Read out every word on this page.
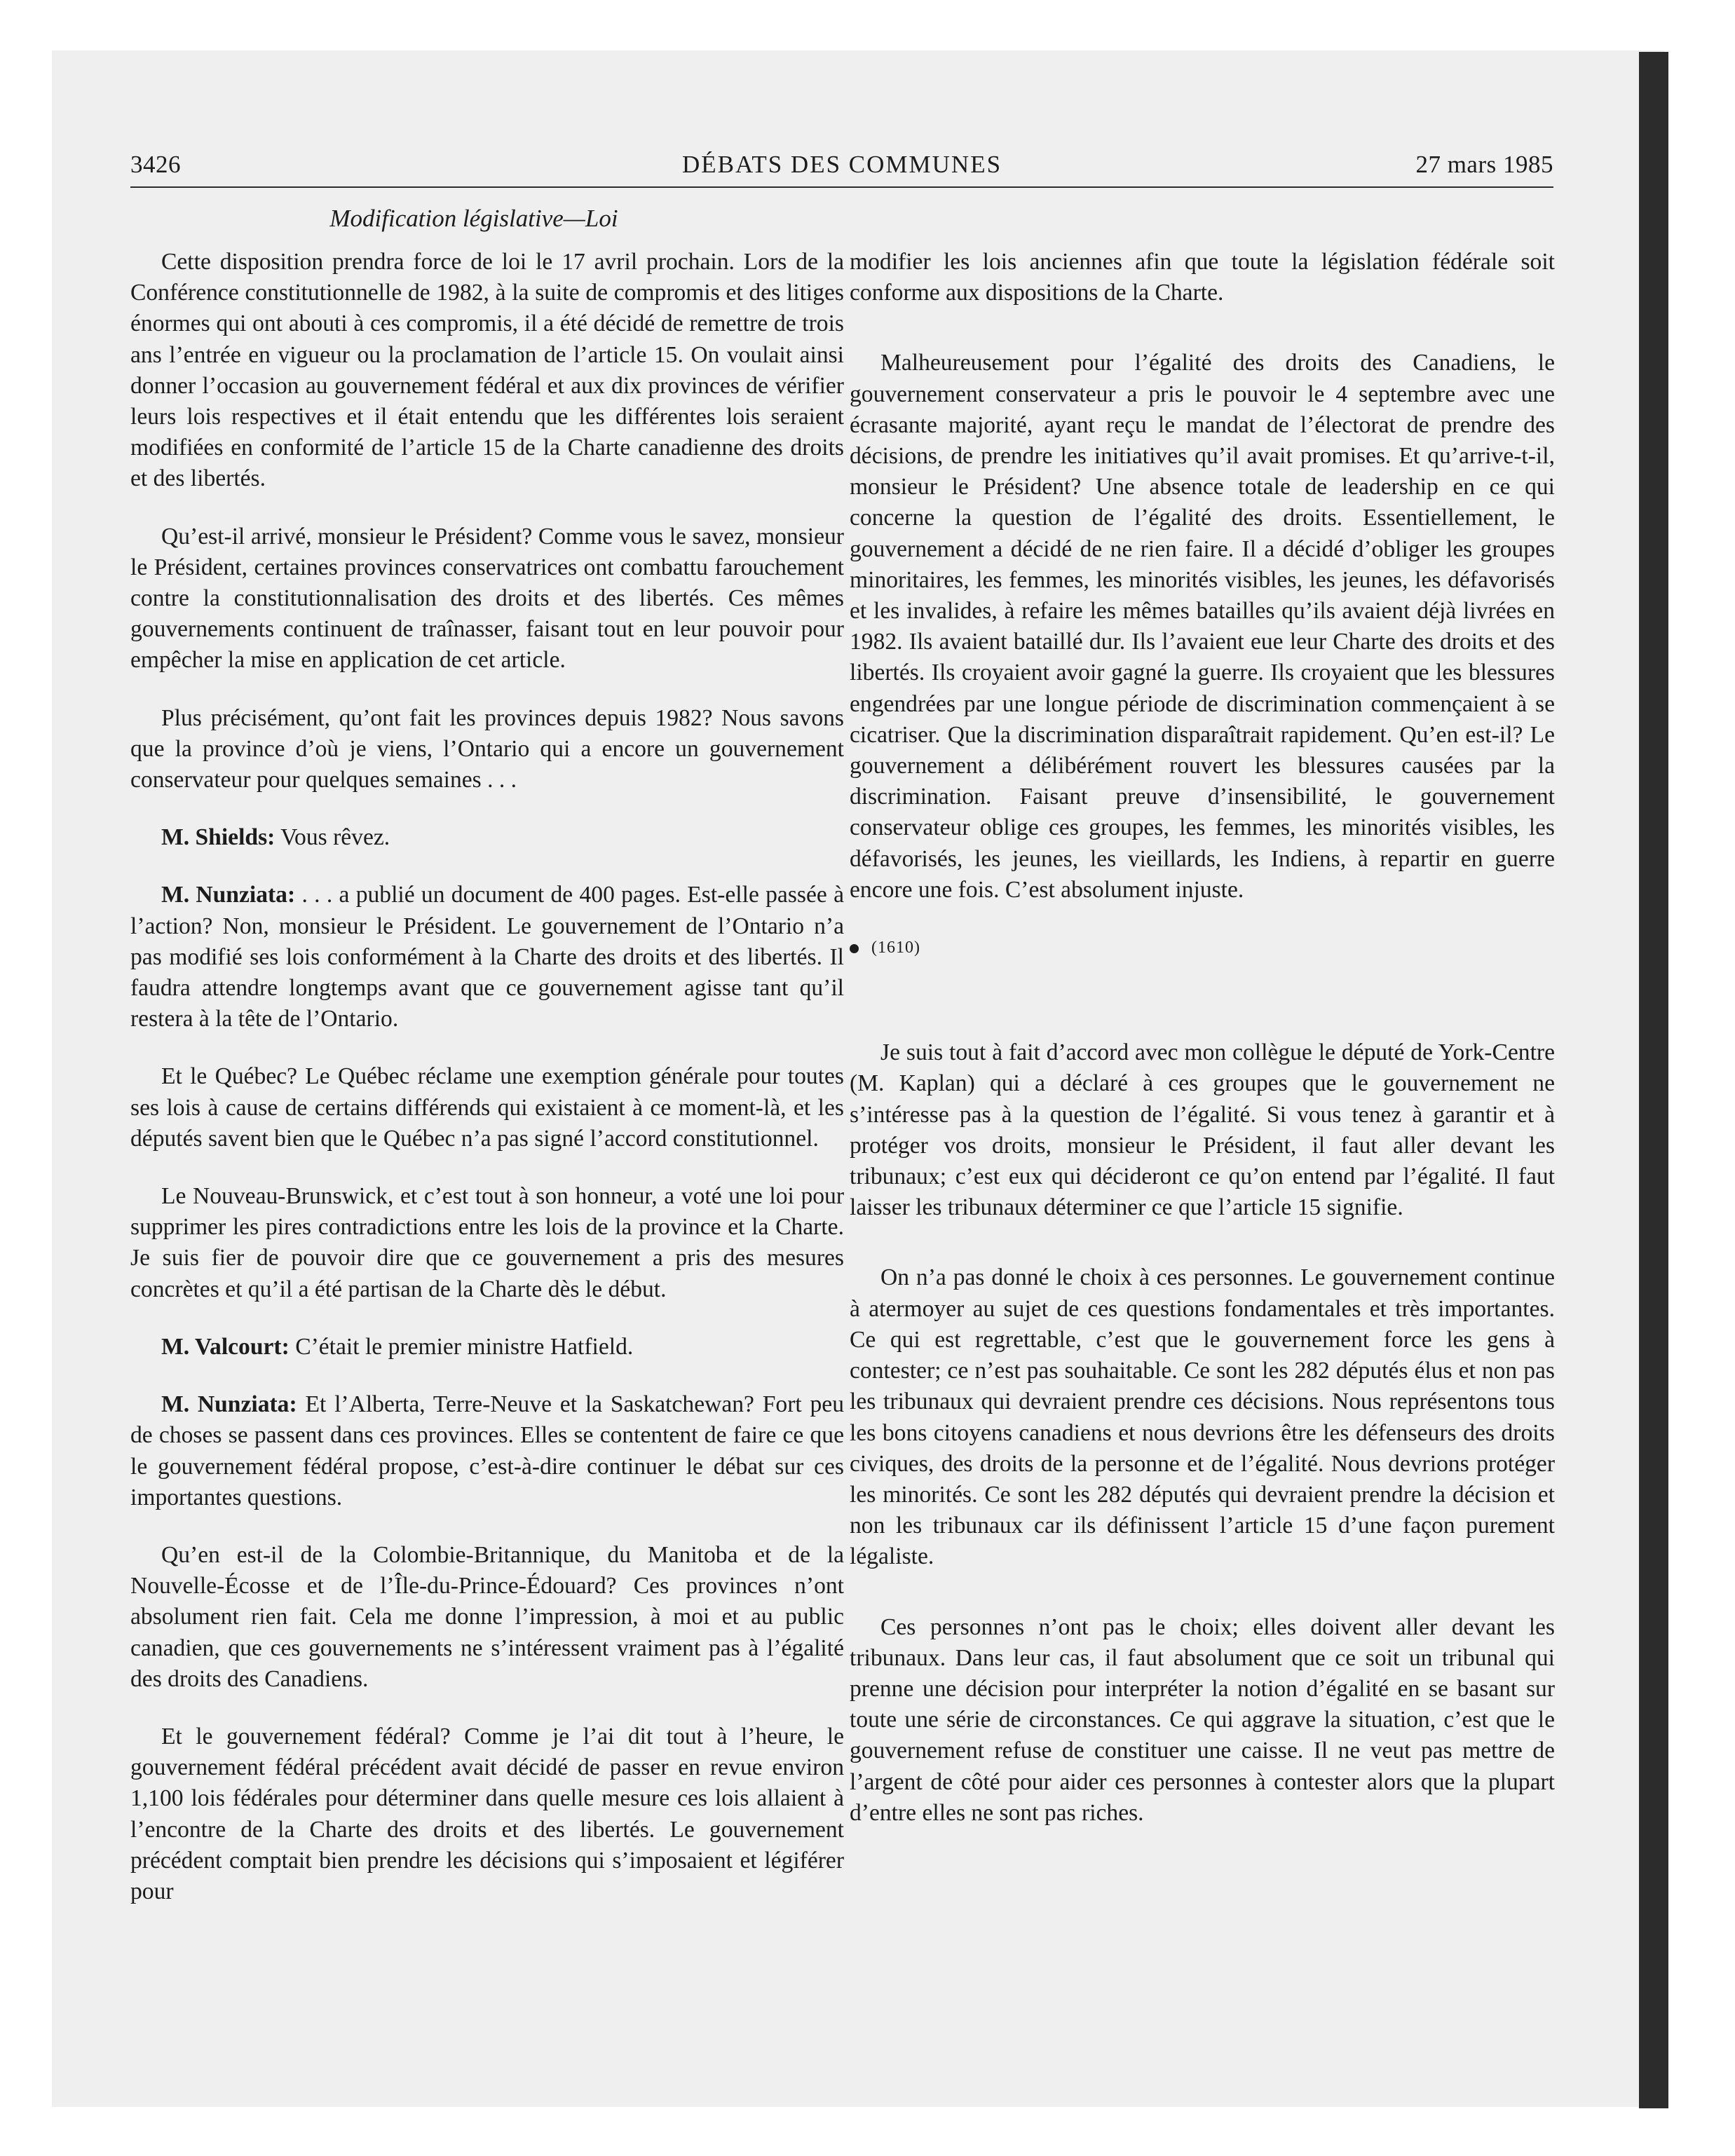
3426	DÉBATS DES COMMUNES	27 mars 1985
Modification législative—Loi

Cette disposition prendra force de loi le 17 avril prochain. Lors de la Conférence constitutionnelle de 1982, à la suite de compromis et des litiges énormes qui ont abouti à ces compromis, il a été décidé de remettre de trois ans l’entrée en vigueur ou la proclamation de l’article 15. On voulait ainsi donner l’occasion au gouvernement fédéral et aux dix provinces de vérifier leurs lois respectives et il était entendu que les différentes lois seraient modifiées en conformité de l’article 15 de la Charte canadienne des droits et des libertés.

Qu’est-il arrivé, monsieur le Président? Comme vous le savez, monsieur le Président, certaines provinces conservatrices ont combattu farouchement contre la constitutionnalisation des droits et des libertés. Ces mêmes gouvernements continuent de traînasser, faisant tout en leur pouvoir pour empêcher la mise en application de cet article.

Plus précisément, qu’ont fait les provinces depuis 1982? Nous savons que la province d’où je viens, l’Ontario qui a encore un gouvernement conservateur pour quelques semaines . . .

M. Shields: Vous rêvez.

M. Nunziata: . . . a publié un document de 400 pages. Est-elle passée à l’action? Non, monsieur le Président. Le gouvernement de l’Ontario n’a pas modifié ses lois conformément à la Charte des droits et des libertés. Il faudra attendre longtemps avant que ce gouvernement agisse tant qu’il restera à la tête de l’Ontario.

Et le Québec? Le Québec réclame une exemption générale pour toutes ses lois à cause de certains différends qui existaient à ce moment-là, et les députés savent bien que le Québec n’a pas signé l’accord constitutionnel.

Le Nouveau-Brunswick, et c’est tout à son honneur, a voté une loi pour supprimer les pires contradictions entre les lois de la province et la Charte. Je suis fier de pouvoir dire que ce gouvernement a pris des mesures concrètes et qu’il a été partisan de la Charte dès le début.

M. Valcourt: C’était le premier ministre Hatfield.

M. Nunziata: Et l’Alberta, Terre-Neuve et la Saskatchewan? Fort peu de choses se passent dans ces provinces. Elles se contentent de faire ce que le gouvernement fédéral propose, c’est-à-dire continuer le débat sur ces importantes questions.

Qu’en est-il de la Colombie-Britannique, du Manitoba et de la Nouvelle-Écosse et de l’Île-du-Prince-Édouard? Ces provinces n’ont absolument rien fait. Cela me donne l’impression, à moi et au public canadien, que ces gouvernements ne s’intéressent vraiment pas à l’égalité des droits des Canadiens.

Et le gouvernement fédéral? Comme je l’ai dit tout à l’heure, le gouvernement fédéral précédent avait décidé de passer en revue environ 1,100 lois fédérales pour déterminer dans quelle mesure ces lois allaient à l’encontre de la Charte des droits et des libertés. Le gouvernement précédent comptait bien prendre les décisions qui s’imposaient et légiférer pour

modifier les lois anciennes afin que toute la législation fédérale soit conforme aux dispositions de la Charte.

Malheureusement pour l’égalité des droits des Canadiens, le gouvernement conservateur a pris le pouvoir le 4 septembre avec une écrasante majorité, ayant reçu le mandat de l’électorat de prendre des décisions, de prendre les initiatives qu’il avait promises. Et qu’arrive-t-il, monsieur le Président? Une absence totale de leadership en ce qui concerne la question de l’égalité des droits. Essentiellement, le gouvernement a décidé de ne rien faire. Il a décidé d’obliger les groupes minoritaires, les femmes, les minorités visibles, les jeunes, les défavorisés et les invalides, à refaire les mêmes batailles qu’ils avaient déjà livrées en 1982. Ils avaient bataillé dur. Ils l’avaient eue leur Charte des droits et des libertés. Ils croyaient avoir gagné la guerre. Ils croyaient que les blessures engendrées par une longue période de discrimination commençaient à se cicatriser. Que la discrimination disparaîtrait rapidement. Qu’en est-il? Le gouvernement a délibérément rouvert les blessures causées par la discrimination. Faisant preuve d’insensibilité, le gouvernement conservateur oblige ces groupes, les femmes, les minorités visibles, les défavorisés, les jeunes, les vieillards, les Indiens, à repartir en guerre encore une fois. C’est absolument injuste.

(1610)

Je suis tout à fait d’accord avec mon collègue le député de York-Centre (M. Kaplan) qui a déclaré à ces groupes que le gouvernement ne s’intéresse pas à la question de l’égalité. Si vous tenez à garantir et à protéger vos droits, monsieur le Président, il faut aller devant les tribunaux; c’est eux qui décideront ce qu’on entend par l’égalité. Il faut laisser les tribunaux déterminer ce que l’article 15 signifie.

On n’a pas donné le choix à ces personnes. Le gouvernement continue à atermoyer au sujet de ces questions fondamentales et très importantes. Ce qui est regrettable, c’est que le gouvernement force les gens à contester; ce n’est pas souhaitable. Ce sont les 282 députés élus et non pas les tribunaux qui devraient prendre ces décisions. Nous représentons tous les bons citoyens canadiens et nous devrions être les défenseurs des droits civiques, des droits de la personne et de l’égalité. Nous devrions protéger les minorités. Ce sont les 282 députés qui devraient prendre la décision et non les tribunaux car ils définissent l’article 15 d’une façon purement légaliste.

Ces personnes n’ont pas le choix; elles doivent aller devant les tribunaux. Dans leur cas, il faut absolument que ce soit un tribunal qui prenne une décision pour interpréter la notion d’égalité en se basant sur toute une série de circonstances. Ce qui aggrave la situation, c’est que le gouvernement refuse de constituer une caisse. Il ne veut pas mettre de l’argent de côté pour aider ces personnes à contester alors que la plupart d’entre elles ne sont pas riches.
